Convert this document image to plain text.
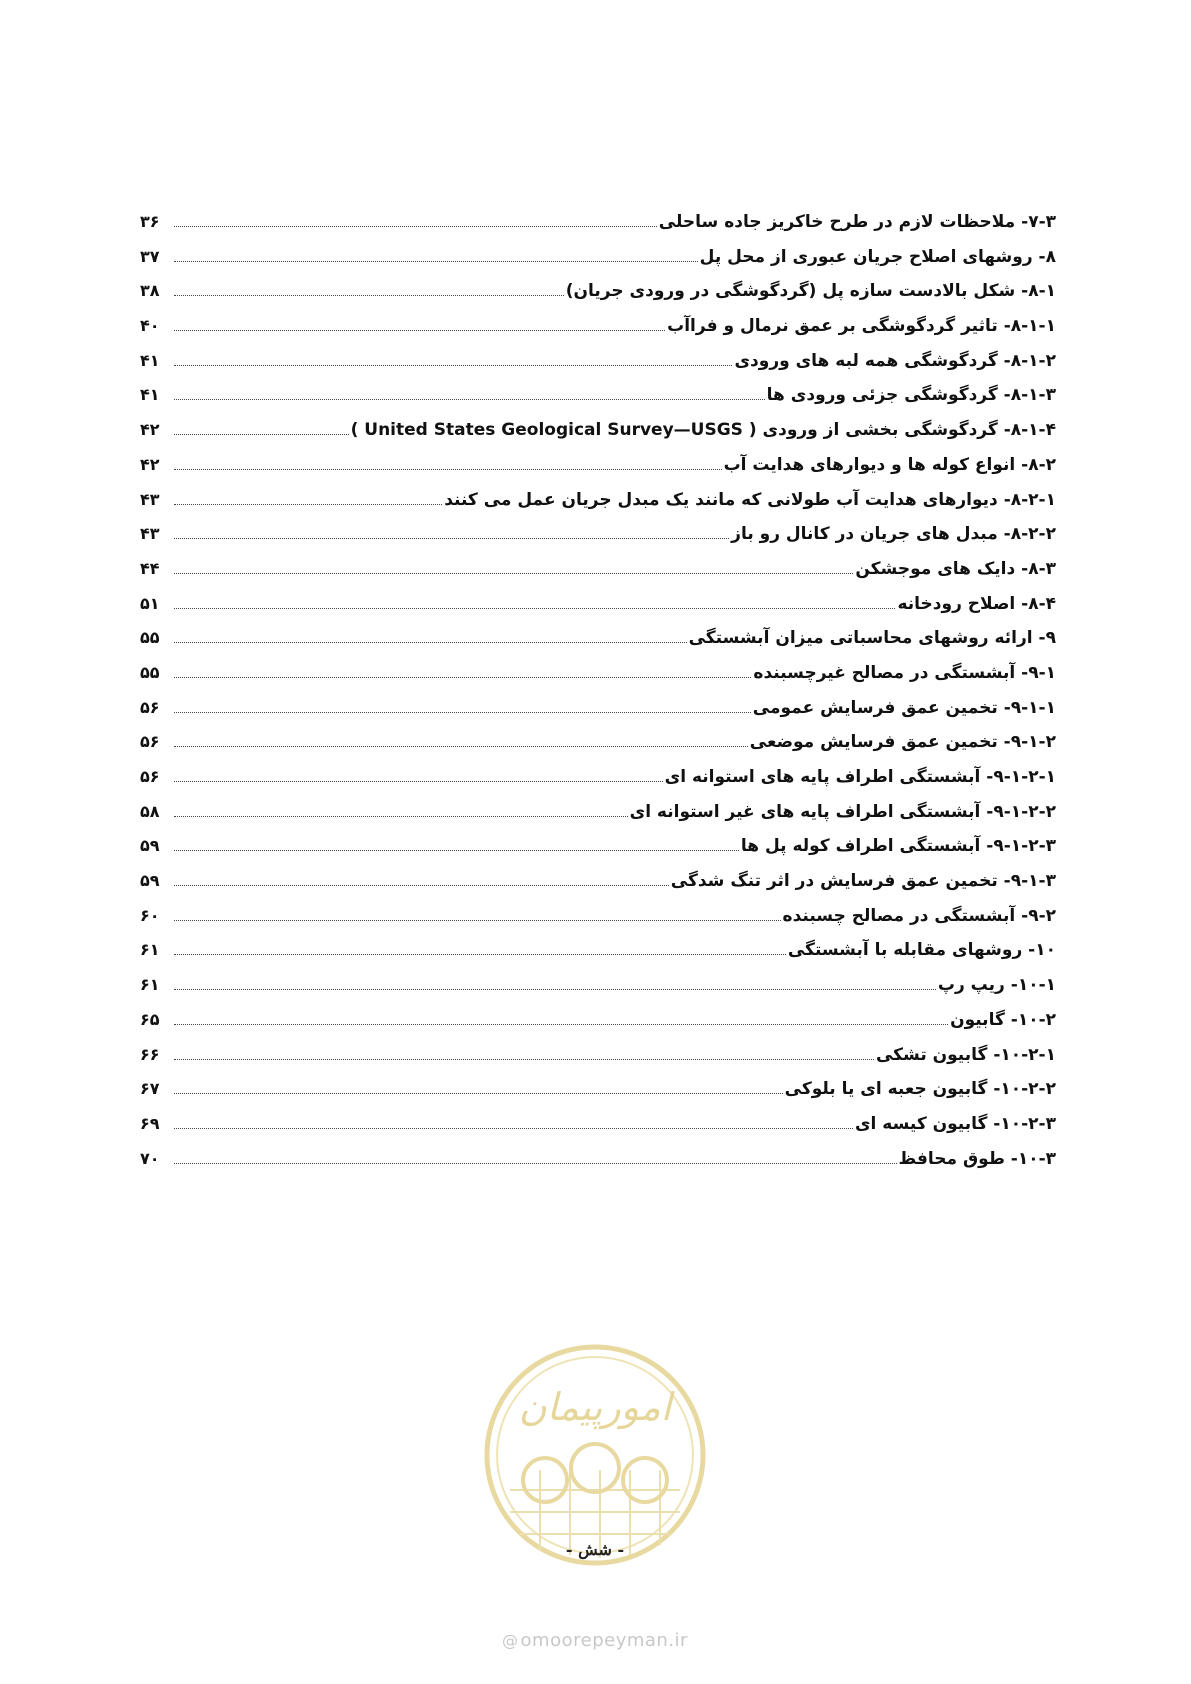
۷-۳- ملاحظات لازم در طرح خاکریز جاده ساحلی
۳۶
۸- روشهای اصلاح جریان عبوری از محل پل
۳۷
۸-۱- شکل بالادست سازه پل (گردگوشگی در ورودی جریان)
۳۸
۸-۱-۱- تاثیر گردگوشگی بر عمق نرمال و فراآب
۴۰
۸-۱-۲- گردگوشگی همه لبه های ورودی
۴۱
۸-۱-۳- گردگوشگی جزئی ورودی ها
۴۱
۸-۱-۴- گردگوشگی بخشی از ورودی ( United States Geological Survey—USGS )
۴۲
۸-۲- انواع کوله ها و دیوارهای هدایت آب
۴۲
۸-۲-۱- دیوارهای هدایت آب طولانی که مانند یک مبدل جریان عمل می کنند
۴۳
۸-۲-۲- مبدل های جریان در کانال رو باز
۴۳
۸-۳- دایک های موجشکن
۴۴
۸-۴- اصلاح رودخانه
۵۱
۹- ارائه روشهای محاسباتی میزان آبشستگی
۵۵
۹-۱- آبشستگی در مصالح غیرچسبنده
۵۵
۹-۱-۱- تخمین عمق فرسایش عمومی
۵۶
۹-۱-۲- تخمین عمق فرسایش موضعی
۵۶
۹-۱-۲-۱- آبشستگی اطراف پایه های استوانه ای
۵۶
۹-۱-۲-۲- آبشستگی اطراف پایه های غیر استوانه ای
۵۸
۹-۱-۲-۳- آبشستگی اطراف کوله پل ها
۵۹
۹-۱-۳- تخمین عمق فرسایش در اثر تنگ شدگی
۵۹
۹-۲- آبشستگی در مصالح چسبنده
۶۰
۱۰- روشهای مقابله با آبشستگی
۶۱
۱۰-۱- ریپ رپ
۶۱
۱۰-۲- گابیون
۶۵
۱۰-۲-۱- گابیون تشکی
۶۶
۱۰-۲-۲- گابیون جعبه ای یا بلوکی
۶۷
۱۰-۲-۳- گابیون کیسه ای
۶۹
۱۰-۳- طوق محافظ
۷۰
امورپیمان
- شش -
@ omoorepeyman.ir
